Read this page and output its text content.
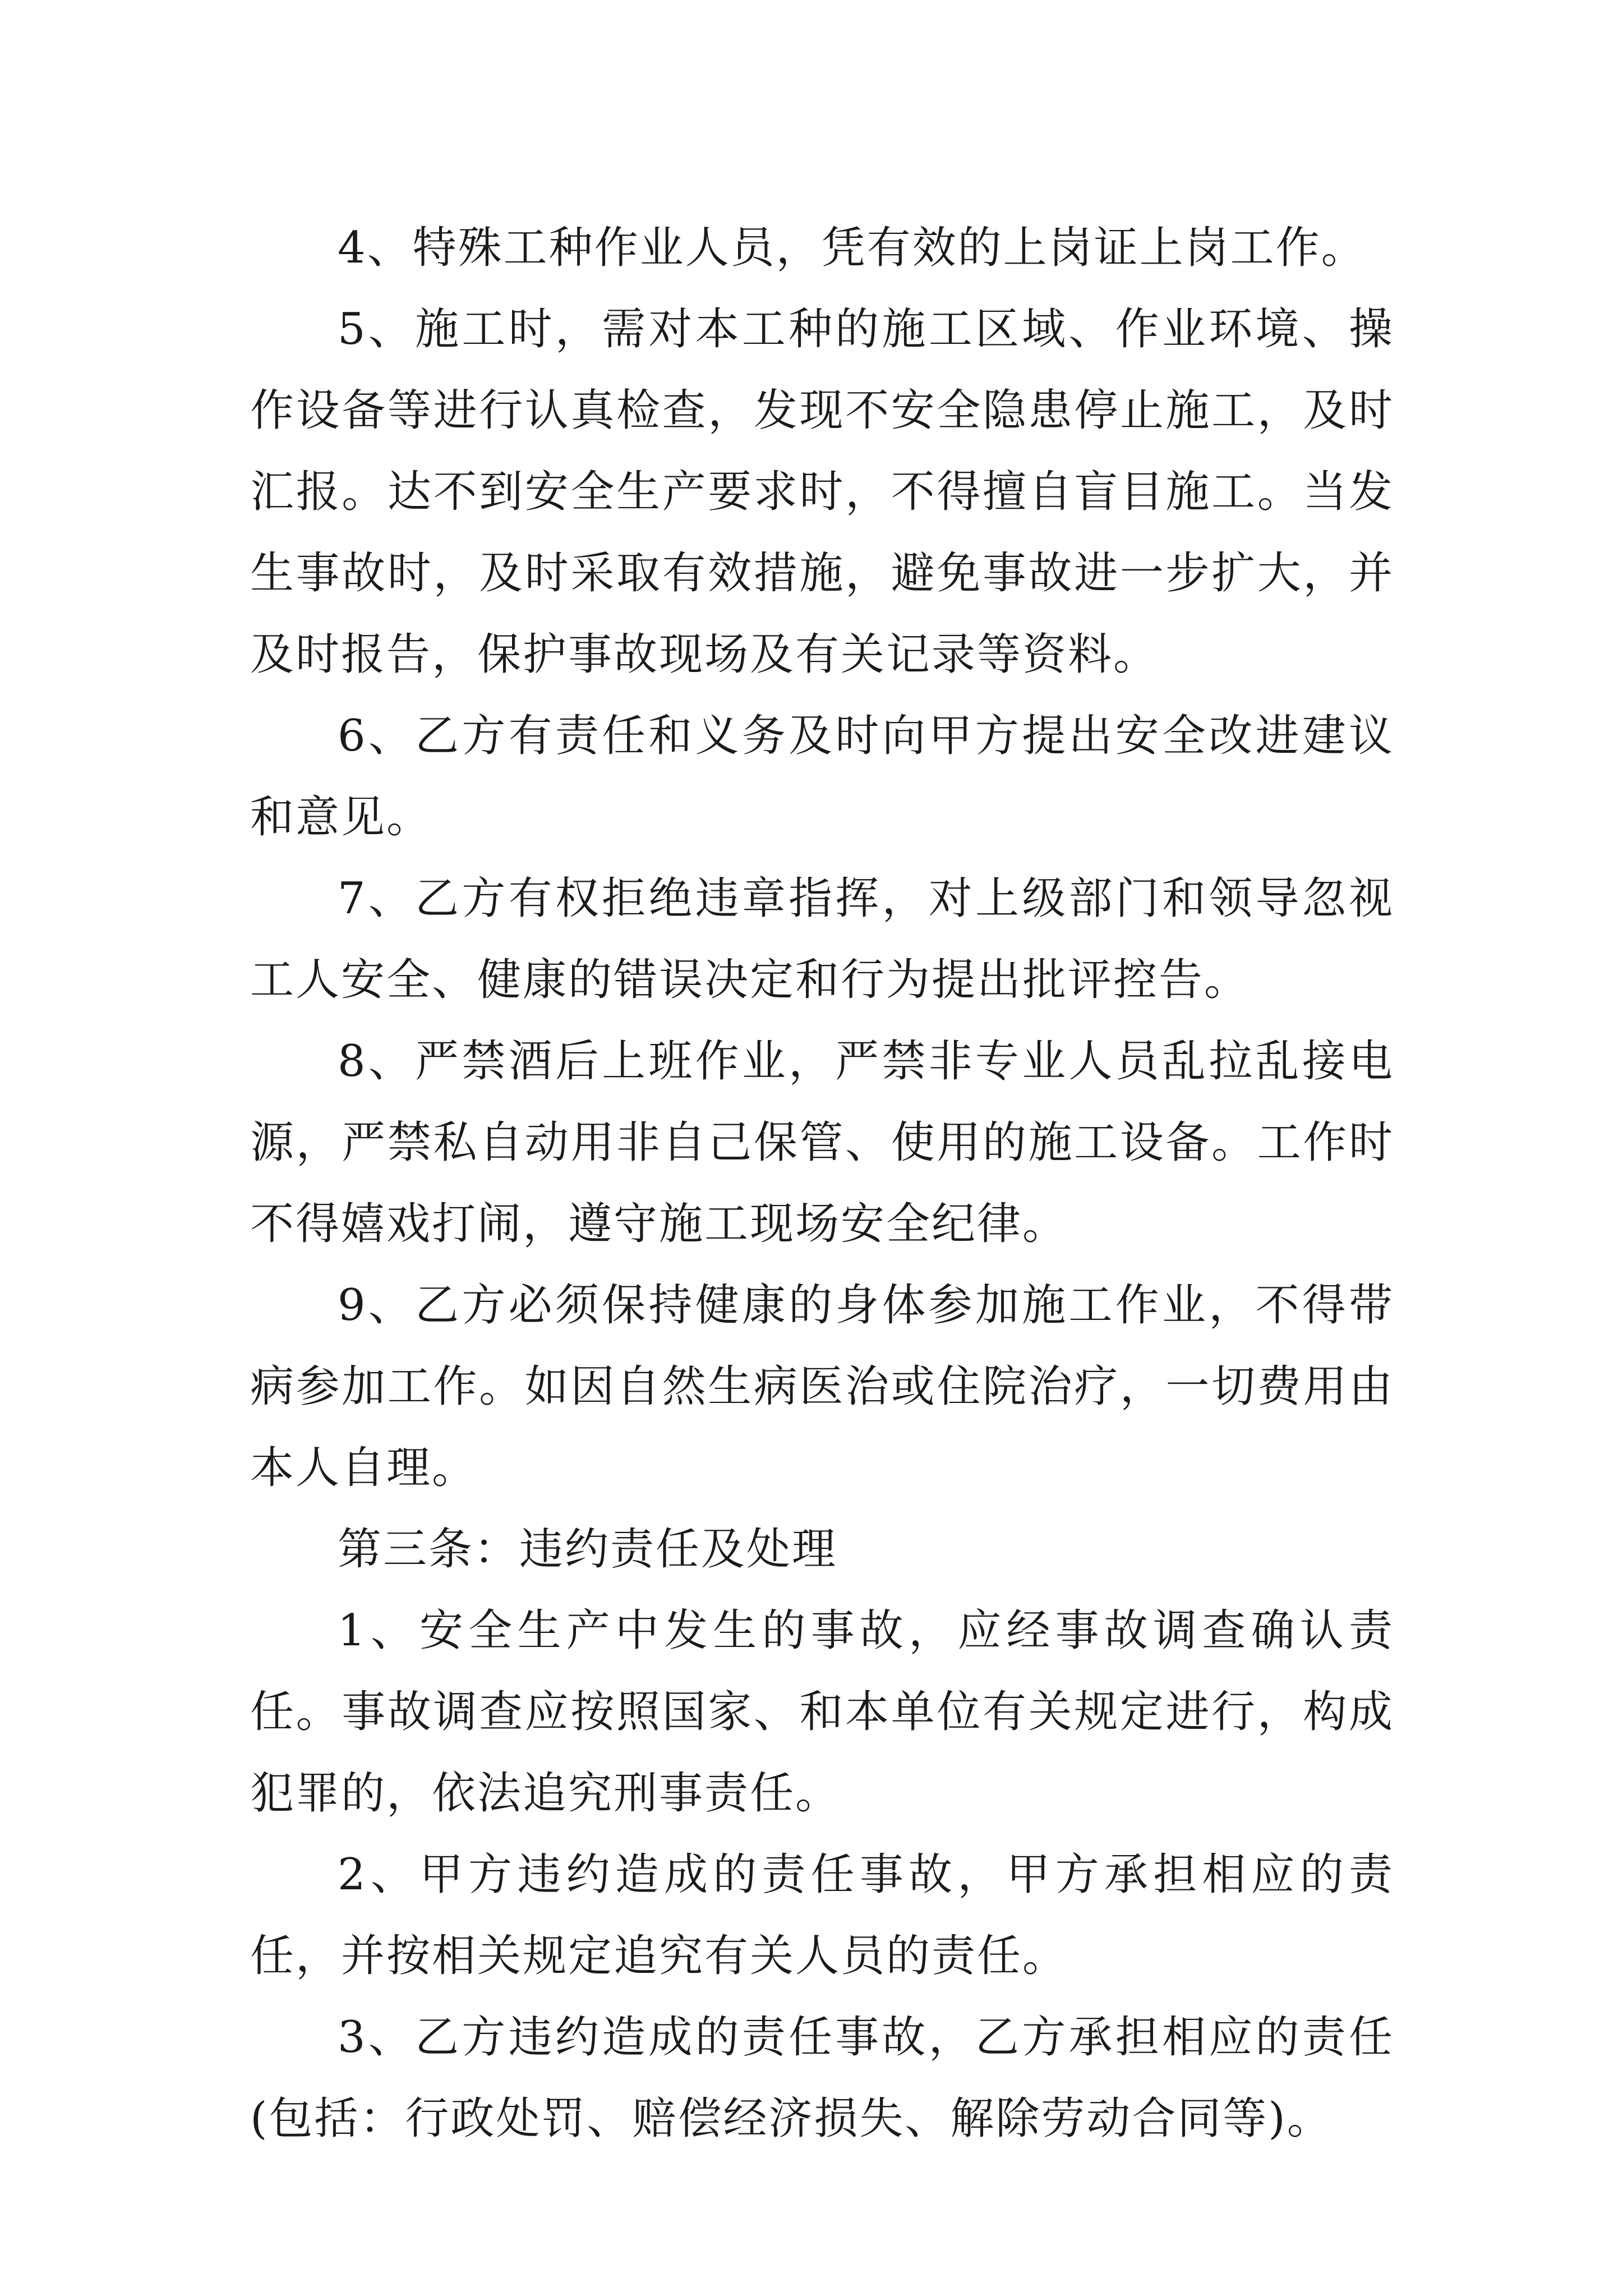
4、特殊工种作业人员，凭有效的上岗证上岗工作。

5、施工时，需对本工种的施工区域、作业环境、操作设备等进行认真检查，发现不安全隐患停止施工，及时汇报。达不到安全生产要求时，不得擅自盲目施工。当发生事故时，及时采取有效措施，避免事故进一步扩大，并及时报告，保护事故现场及有关记录等资料。

6、乙方有责任和义务及时向甲方提出安全改进建议和意见。

7、乙方有权拒绝违章指挥，对上级部门和领导忽视工人安全、健康的错误决定和行为提出批评控告。

8、严禁酒后上班作业，严禁非专业人员乱拉乱接电源，严禁私自动用非自己保管、使用的施工设备。工作时不得嬉戏打闹，遵守施工现场安全纪律。

9、乙方必须保持健康的身体参加施工作业，不得带病参加工作。如因自然生病医治或住院治疗，一切费用由本人自理。

第三条：违约责任及处理

1、安全生产中发生的事故，应经事故调查确认责任。事故调查应按照国家、和本单位有关规定进行，构成犯罪的，依法追究刑事责任。

2、甲方违约造成的责任事故，甲方承担相应的责任，并按相关规定追究有关人员的责任。

3、乙方违约造成的责任事故，乙方承担相应的责任(包括：行政处罚、赔偿经济损失、解除劳动合同等)。
